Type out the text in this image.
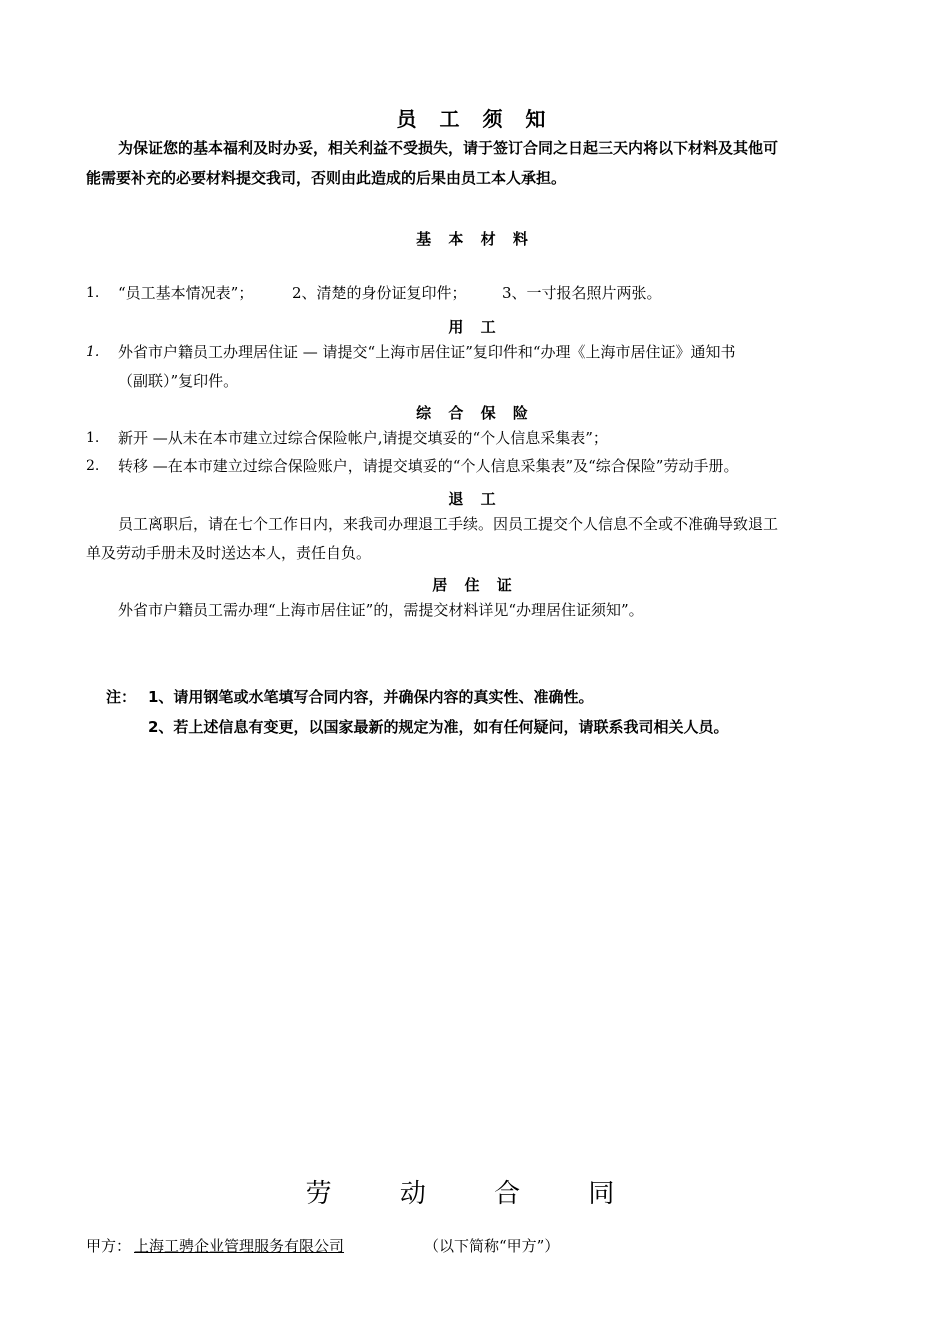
员 工 须 知
为保证您的基本福利及时办妥，相关利益不受损失，请于签订合同之日起三天内将以下材料及其他可
能需要补充的必要材料提交我司，否则由此造成的后果由员工本人承担。
基 本 材 料
1. “员工基本情况表”；	2、清楚的身份证复印件； 3、一寸报名照片两张。
用 工
1. 外省市户籍员工办理居住证 — 请提交“上海市居住证”复印件和“办理《上海市居住证》通知书
（副联）”复印件。
综 合 保 险
1. 新开 —从未在本市建立过综合保险帐户,请提交填妥的“个人信息采集表”；
2. 转移 —在本市建立过综合保险账户，请提交填妥的“个人信息采集表”及“综合保险”劳动手册。
退 工
员工离职后，请在七个工作日内，来我司办理退工手续。因员工提交个人信息不全或不准确导致退工
单及劳动手册未及时送达本人，责任自负。
居 住 证
外省市户籍员工需办理“上海市居住证”的，需提交材料详见“办理居住证须知”。
注： 1、请用钢笔或水笔填写合同内容，并确保内容的真实性、准确性。
2、若上述信息有变更，以国家最新的规定为准，如有任何疑问，请联系我司相关人员。
劳 动 合 同
甲方： 上海工骋企业管理服务有限公司	（以下简称“甲方”）
